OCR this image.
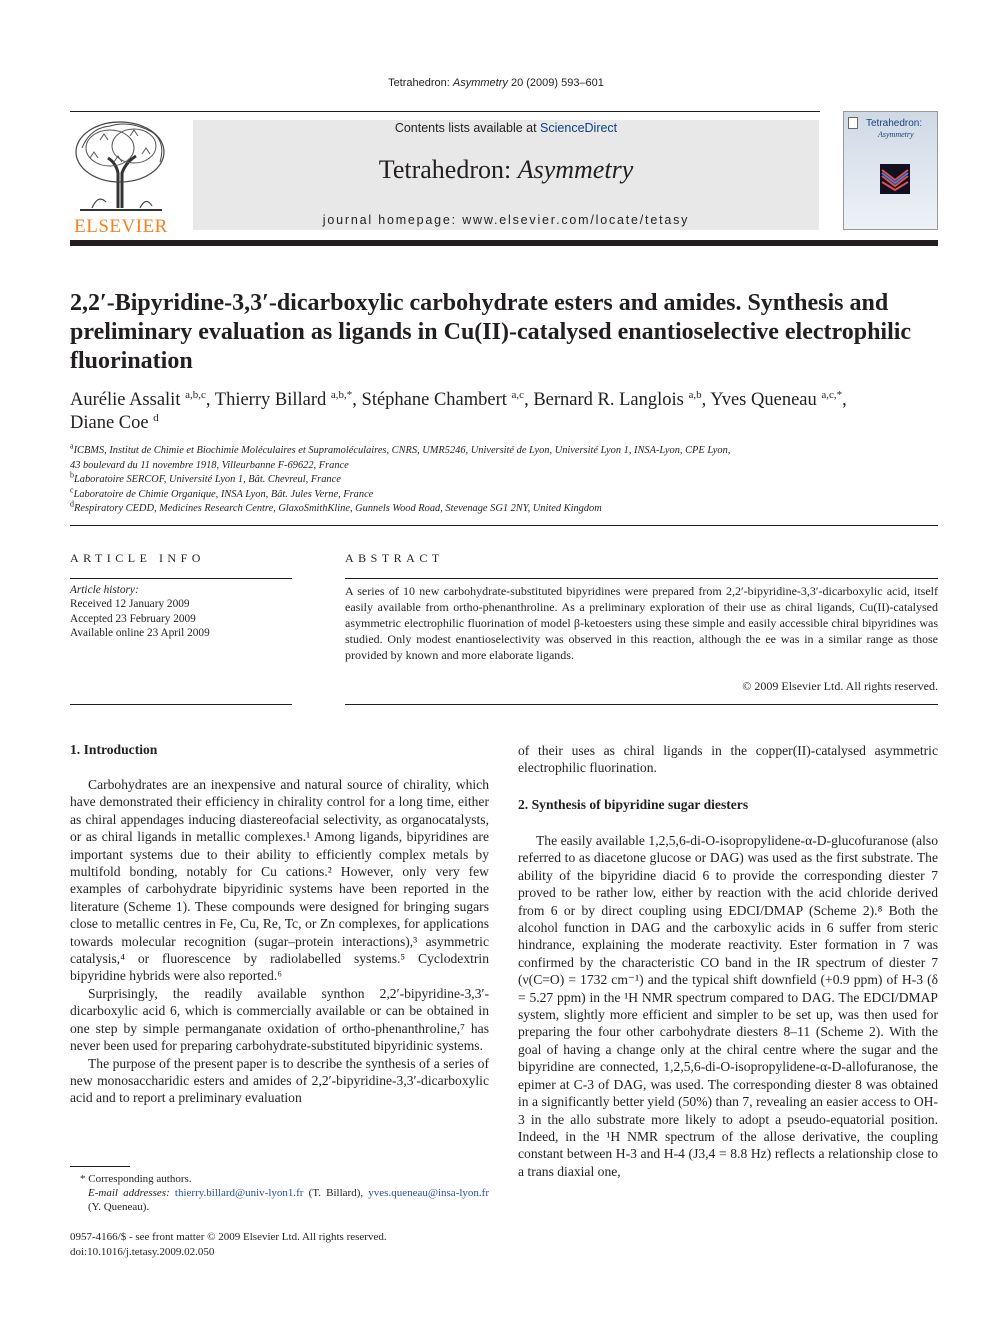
Tetrahedron: Asymmetry 20 (2009) 593–601
ELSEVIER
Contents lists available at ScienceDirect
Tetrahedron: Asymmetry
journal homepage: www.elsevier.com/locate/tetasy
Tetrahedron:
Asymmetry
2,2′-Bipyridine-3,3′-dicarboxylic carbohydrate esters and amides. Synthesis and preliminary evaluation as ligands in Cu(II)-catalysed enantioselective electrophilic fluorination
Aurélie Assalit $^{a,b,c}$, Thierry Billard $^{a,b,*}$, Stéphane Chambert $^{a,c}$, Bernard R. Langlois $^{a,b}$, Yves Queneau $^{a,c,*}$,
Diane Coe $^d$
$^a$ICBMS, Institut de Chimie et Biochimie Moléculaires et Supramoléculaires, CNRS, UMR5246, Université de Lyon, Université Lyon 1, INSA-Lyon, CPE Lyon,
43 boulevard du 11 novembre 1918, Villeurbanne F-69622, France
$^b$Laboratoire SERCOF, Université Lyon 1, Bât. Chevreul, France
$^c$Laboratoire de Chimie Organique, INSA Lyon, Bât. Jules Verne, France
$^d$Respiratory CEDD, Medicines Research Centre, GlaxoSmithKline, Gunnels Wood Road, Stevenage SG1 2NY, United Kingdom
ARTICLE INFO
Article history:
Received 12 January 2009
Accepted 23 February 2009
Available online 23 April 2009
ABSTRACT
A series of 10 new carbohydrate-substituted bipyridines were prepared from 2,2′-bipyridine-3,3′-dicarboxylic acid, itself easily available from ortho-phenanthroline. As a preliminary exploration of their use as chiral ligands, Cu(II)-catalysed asymmetric electrophilic fluorination of model β-ketoesters using these simple and easily accessible chiral bipyridines was studied. Only modest enantioselectivity was observed in this reaction, although the ee was in a similar range as those provided by known and more elaborate ligands.
© 2009 Elsevier Ltd. All rights reserved.
1. Introduction

Carbohydrates are an inexpensive and natural source of chirality, which have demonstrated their efficiency in chirality control for a long time, either as chiral appendages inducing diastereofacial selectivity, as organocatalysts, or as chiral ligands in metallic complexes.¹ Among ligands, bipyridines are important systems due to their ability to efficiently complex metals by multifold bonding, notably for Cu cations.² However, only very few examples of carbohydrate bipyridinic systems have been reported in the literature (Scheme 1). These compounds were designed for bringing sugars close to metallic centres in Fe, Cu, Re, Tc, or Zn complexes, for applications towards molecular recognition (sugar–protein interactions),³ asymmetric catalysis,⁴ or fluorescence by radiolabelled systems.⁵ Cyclodextrin bipyridine hybrids were also reported.⁶

Surprisingly, the readily available synthon 2,2′-bipyridine-3,3′-dicarboxylic acid 6, which is commercially available or can be obtained in one step by simple permanganate oxidation of ortho-phenanthroline,⁷ has never been used for preparing carbohydrate-substituted bipyridinic systems.

The purpose of the present paper is to describe the synthesis of a series of new monosaccharidic esters and amides of 2,2′-bipyridine-3,3′-dicarboxylic acid and to report a preliminary evaluation

of their uses as chiral ligands in the copper(II)-catalysed asymmetric electrophilic fluorination.

2. Synthesis of bipyridine sugar diesters

The easily available 1,2,5,6-di-O-isopropylidene-α-D-glucofuranose (also referred to as diacetone glucose or DAG) was used as the first substrate. The ability of the bipyridine diacid 6 to provide the corresponding diester 7 proved to be rather low, either by reaction with the acid chloride derived from 6 or by direct coupling using EDCI/DMAP (Scheme 2).⁸ Both the alcohol function in DAG and the carboxylic acids in 6 suffer from steric hindrance, explaining the moderate reactivity. Ester formation in 7 was confirmed by the characteristic CO band in the IR spectrum of diester 7 (ν(C=O) = 1732 cm⁻¹) and the typical shift downfield (+0.9 ppm) of H-3 (δ = 5.27 ppm) in the ¹H NMR spectrum compared to DAG. The EDCI/DMAP system, slightly more efficient and simpler to be set up, was then used for preparing the four other carbohydrate diesters 8–11 (Scheme 2). With the goal of having a change only at the chiral centre where the sugar and the bipyridine are connected, 1,2,5,6-di-O-isopropylidene-α-D-allofuranose, the epimer at C-3 of DAG, was used. The corresponding diester 8 was obtained in a significantly better yield (50%) than 7, revealing an easier access to OH-3 in the allo substrate more likely to adopt a pseudo-equatorial position. Indeed, in the ¹H NMR spectrum of the allose derivative, the coupling constant between H-3 and H-4 (J3,4 = 8.8 Hz) reflects a relationship close to a trans diaxial one,

* Corresponding authors.
E-mail addresses: thierry.billard@univ-lyon1.fr (T. Billard), yves.queneau@insa-lyon.fr (Y. Queneau).
0957-4166/$ - see front matter © 2009 Elsevier Ltd. All rights reserved.
doi:10.1016/j.tetasy.2009.02.050
